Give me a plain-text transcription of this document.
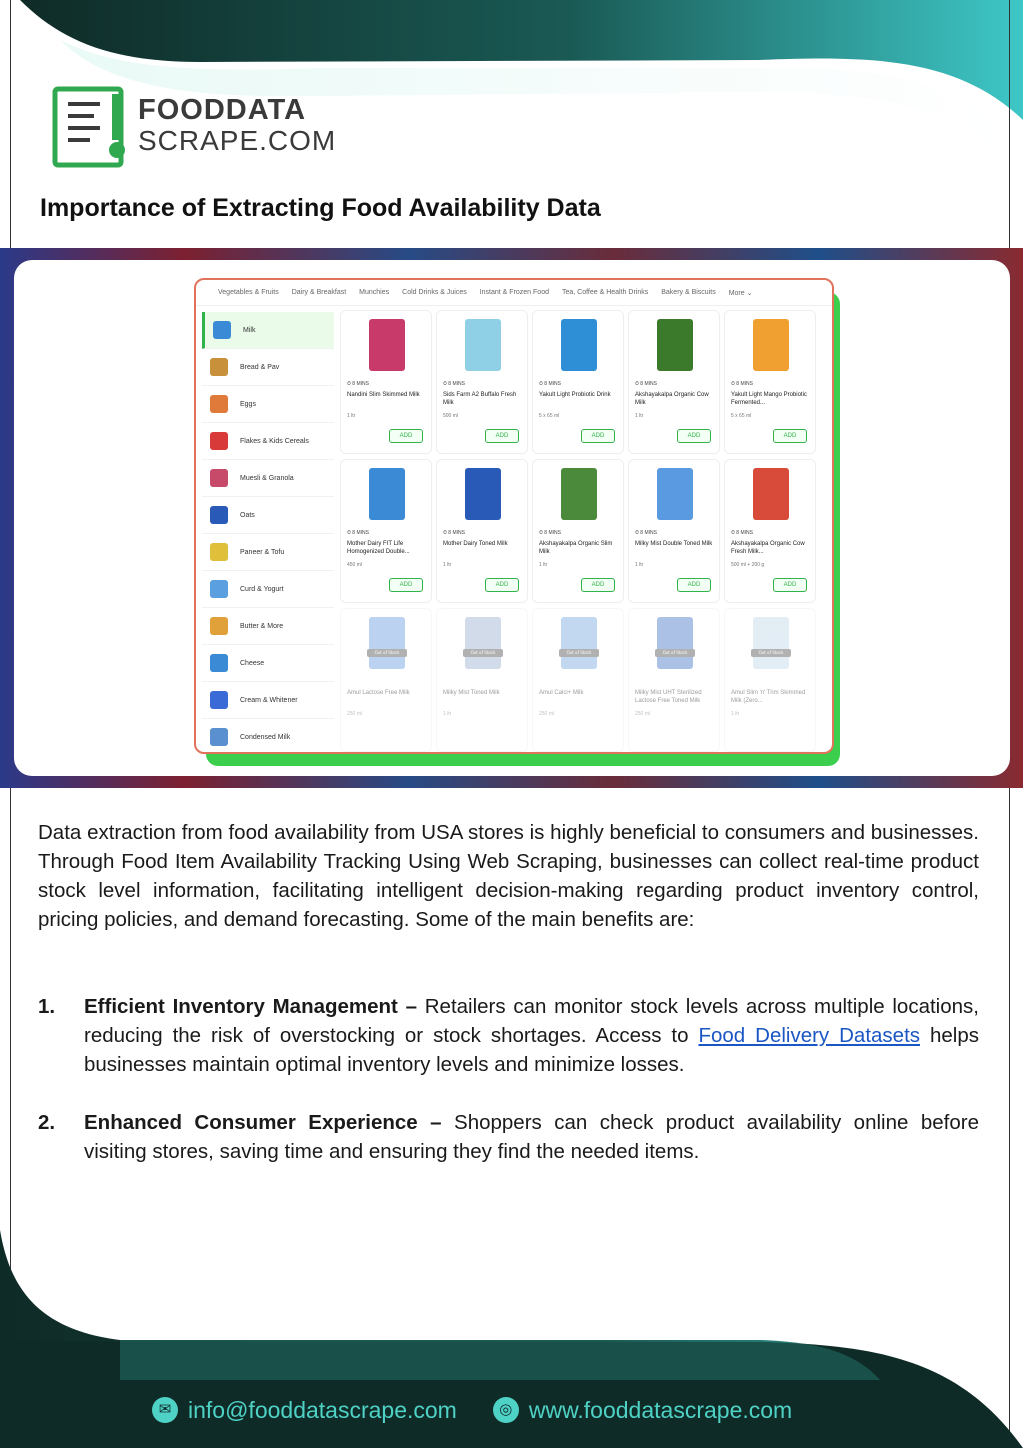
FOODDATA
SCRAPE.COM
Importance of Extracting Food Availability Data
Vegetables & Fruits Dairy & Breakfast Munchies Cold Drinks & Juices Instant & Frozen Food Tea, Coffee & Health Drinks Bakery & Biscuits More ⌄
Milk
Bread & Pav
Eggs
Flakes & Kids Cereals
Muesli & Granola
Oats
Paneer & Tofu
Curd & Yogurt
Butter & More
Cheese
Cream & Whitener
Condensed Milk
⏱ 8 MINS
Nandini Slim Skimmed Milk
1 ltr
ADD
⏱ 8 MINS
Sids Farm A2 Buffalo Fresh Milk
500 ml
ADD
⏱ 8 MINS
Yakult Light Probiotic Drink
5 x 65 ml
ADD
⏱ 8 MINS
Akshayakalpa Organic Cow Milk
1 ltr
ADD
⏱ 8 MINS
Yakult Light Mango Probiotic Fermented...
5 x 65 ml
ADD
⏱ 8 MINS
Mother Dairy FIT Life Homogenized Double...
450 ml
ADD
⏱ 8 MINS
Mother Dairy Toned Milk
1 ltr
ADD
⏱ 8 MINS
Akshayakalpa Organic Slim Milk
1 ltr
ADD
⏱ 8 MINS
Milky Mist Double Toned Milk
1 ltr
ADD
⏱ 8 MINS
Akshayakalpa Organic Cow Fresh Milk...
500 ml + 200 g
ADD
Out of Stock
Amul Lactose Free Milk
250 ml
Out of Stock
Milky Mist Toned Milk
1 ltr
Out of Stock
Amul Calci+ Milk
250 ml
Out of Stock
Milky Mist UHT Sterilized Lactose Free Toned Milk
250 ml
Out of Stock
Amul Slim 'n' Trim Skimmed Milk (Zero...
1 ltr

Data extraction from food availability from USA stores is highly beneficial to consumers and businesses. Through Food Item Availability Tracking Using Web Scraping, businesses can collect real-time product stock level information, facilitating intelligent decision-making regarding product inventory control, pricing policies, and demand forecasting. Some of the main benefits are:

1. Efficient Inventory Management – Retailers can monitor stock levels across multiple locations, reducing the risk of overstocking or stock shortages. Access to Food Delivery Datasets helps businesses maintain optimal inventory levels and minimize losses.
2. Enhanced Consumer Experience – Shoppers can check product availability online before visiting stores, saving time and ensuring they find the needed items.
✉ info@fooddatascrape.com	◎ www.fooddatascrape.com
